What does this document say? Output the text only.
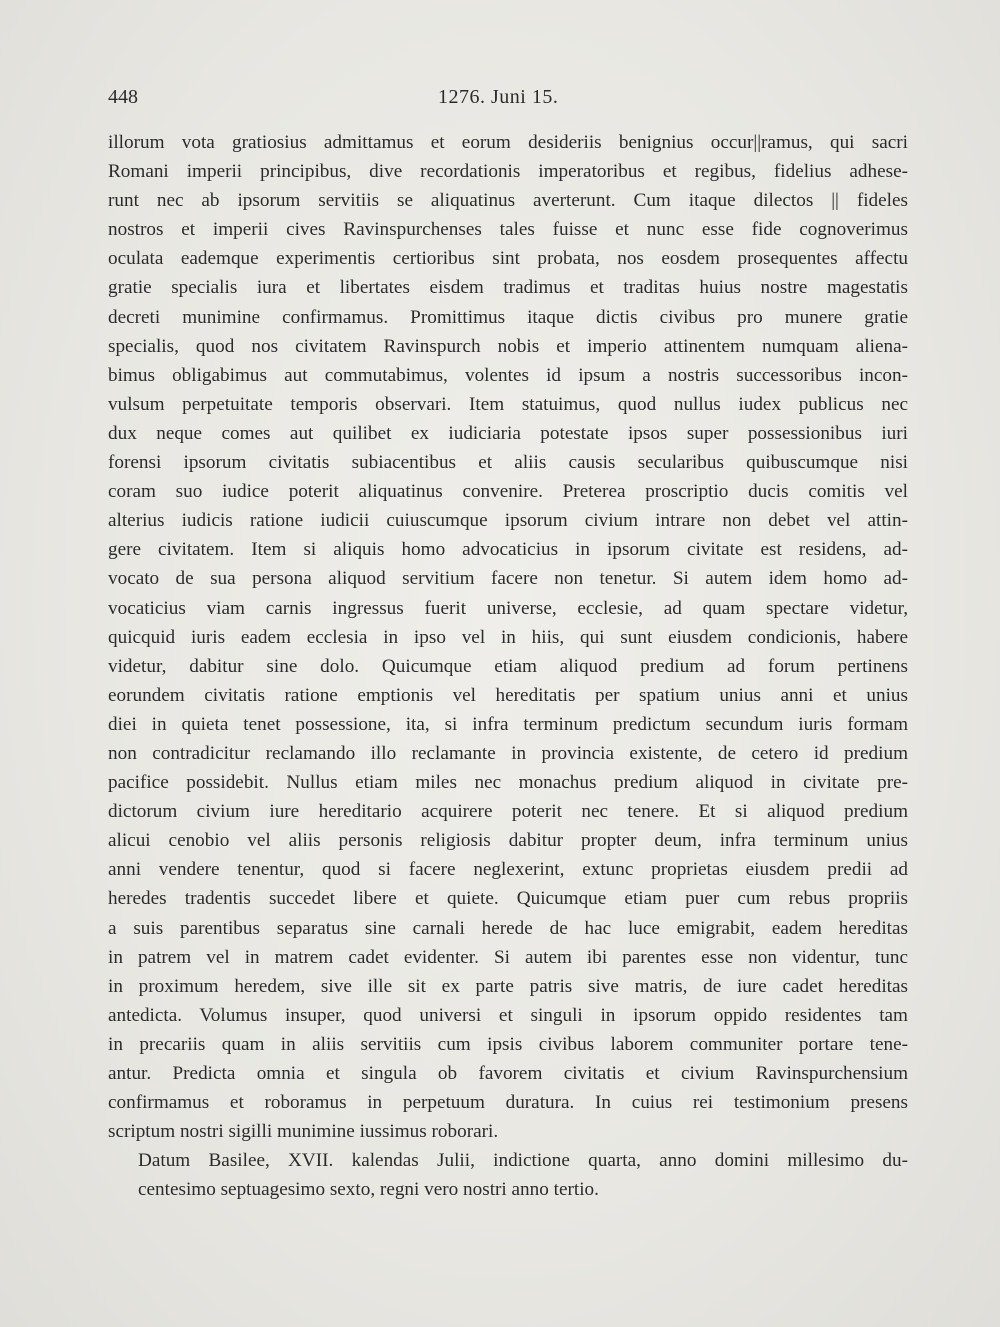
448	1276. Juni 15.

illorum vota gratiosius admittamus et eorum desideriis benignius occur||ramus, qui sacri
Romani imperii principibus, dive recordationis imperatoribus et regibus, fidelius adhese-
runt nec ab ipsorum servitiis se aliquatinus averterunt. Cum itaque dilectos || fideles
nostros et imperii cives Ravinspurchenses tales fuisse et nunc esse fide cognoverimus
oculata eademque experimentis certioribus sint probata, nos eosdem prosequentes affectu
gratie specialis iura et libertates eisdem tradimus et traditas huius nostre magestatis
decreti munimine confirmamus. Promittimus itaque dictis civibus pro munere gratie
specialis, quod nos civitatem Ravinspurch nobis et imperio attinentem numquam aliena-
bimus obligabimus aut commutabimus, volentes id ipsum a nostris successoribus incon-
vulsum perpetuitate temporis observari. Item statuimus, quod nullus iudex publicus nec
dux neque comes aut quilibet ex iudiciaria potestate ipsos super possessionibus iuri
forensi ipsorum civitatis subiacentibus et aliis causis secularibus quibuscumque nisi
coram suo iudice poterit aliquatinus convenire. Preterea proscriptio ducis comitis vel
alterius iudicis ratione iudicii cuiuscumque ipsorum civium intrare non debet vel attin-
gere civitatem. Item si aliquis homo advocaticius in ipsorum civitate est residens, ad-
vocato de sua persona aliquod servitium facere non tenetur. Si autem idem homo ad-
vocaticius viam carnis ingressus fuerit universe, ecclesie, ad quam spectare videtur,
quicquid iuris eadem ecclesia in ipso vel in hiis, qui sunt eiusdem condicionis, habere
videtur, dabitur sine dolo. Quicumque etiam aliquod predium ad forum pertinens
eorundem civitatis ratione emptionis vel hereditatis per spatium unius anni et unius
diei in quieta tenet possessione, ita, si infra terminum predictum secundum iuris formam
non contradicitur reclamando illo reclamante in provincia existente, de cetero id predium
pacifice possidebit. Nullus etiam miles nec monachus predium aliquod in civitate pre-
dictorum civium iure hereditario acquirere poterit nec tenere. Et si aliquod predium
alicui cenobio vel aliis personis religiosis dabitur propter deum, infra terminum unius
anni vendere tenentur, quod si facere neglexerint, extunc proprietas eiusdem predii ad
heredes tradentis succedet libere et quiete. Quicumque etiam puer cum rebus propriis
a suis parentibus separatus sine carnali herede de hac luce emigrabit, eadem hereditas
in patrem vel in matrem cadet evidenter. Si autem ibi parentes esse non videntur, tunc
in proximum heredem, sive ille sit ex parte patris sive matris, de iure cadet hereditas
antedicta. Volumus insuper, quod universi et singuli in ipsorum oppido residentes tam
in precariis quam in aliis servitiis cum ipsis civibus laborem communiter portare tene-
antur. Predicta omnia et singula ob favorem civitatis et civium Ravinspurchensium
confirmamus et roboramus in perpetuum duratura. In cuius rei testimonium presens
scriptum nostri sigilli munimine iussimus roborari.

Datum Basilee, XVII. kalendas Julii, indictione quarta, anno domini millesimo du-
centesimo septuagesimo sexto, regni vero nostri anno tertio.
